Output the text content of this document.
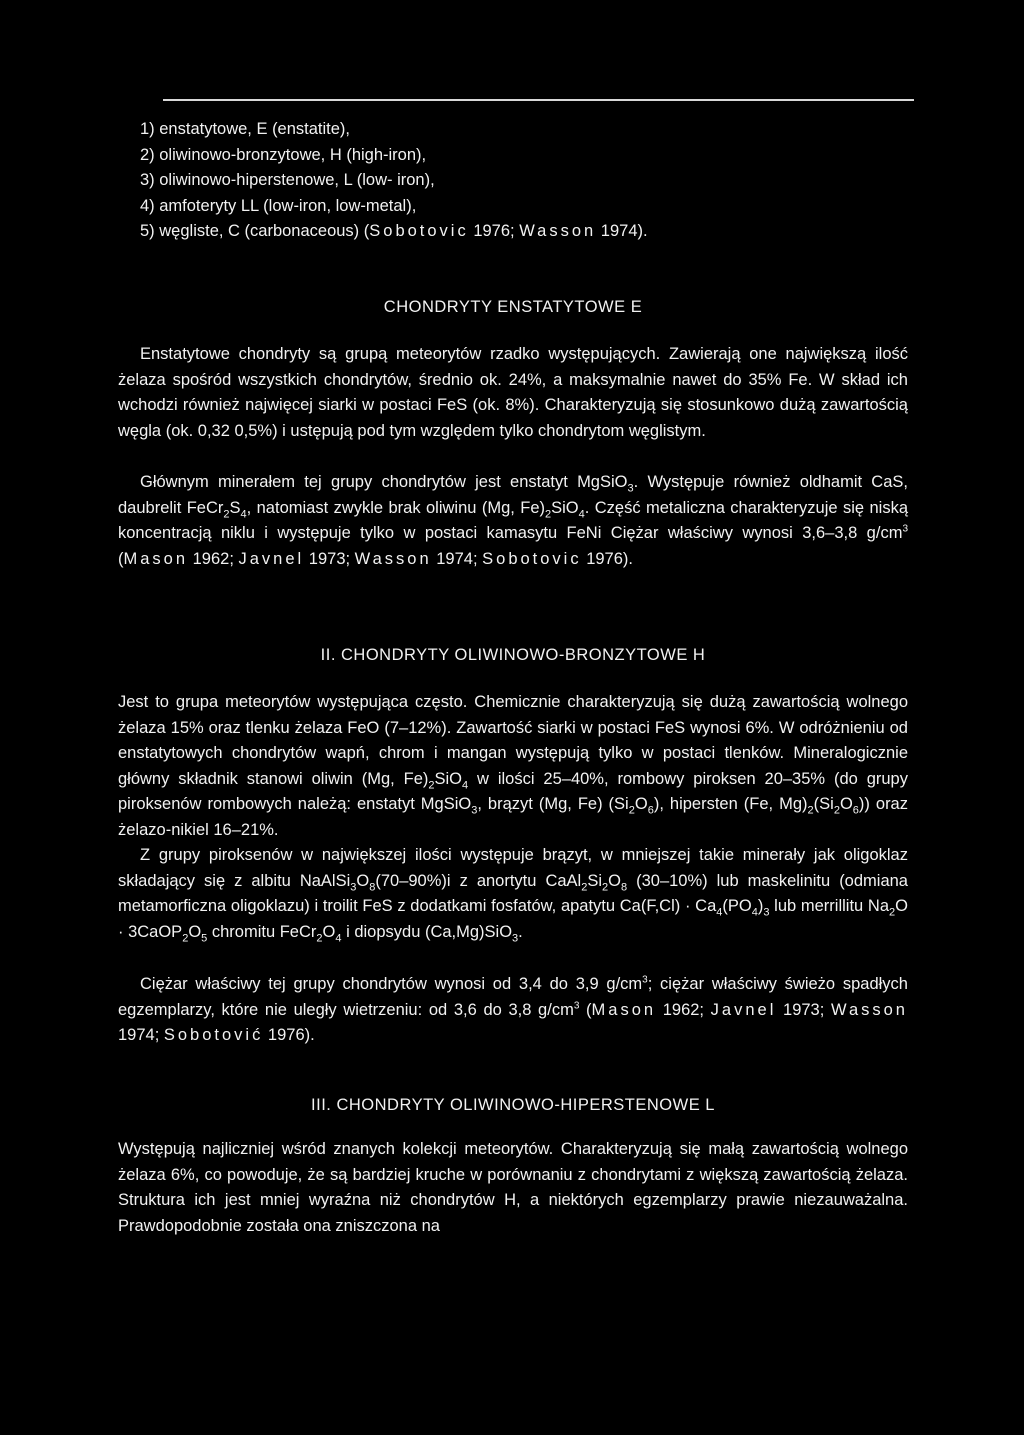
1) enstatytowe, E (enstatite),

2) oliwinowo-bronzytowe, H (high-iron),

3) oliwinowo-hiperstenowe, L (low- iron),

4) amfoteryty LL (low-iron, low-metal),

5) węgliste, C (carbonaceous) (Sobotovic 1976; Wasson 1974).

CHONDRYTY ENSTATYTOWE E

Enstatytowe chondryty są grupą meteorytów rzadko występujących. Zawierają one największą ilość żelaza spośród wszystkich chondrytów, średnio ok. 24%, a maksymalnie nawet do 35% Fe. W skład ich wchodzi również najwięcej siarki w postaci FeS (ok. 8%). Charakteryzują się stosunkowo dużą zawartością węgla (ok. 0,32 0,5%) i ustępują pod tym względem tylko chondrytom węglistym.

Głównym minerałem tej grupy chondrytów jest enstatyt MgSiO$_3$. Występuje również oldhamit CaS, daubrelit $FeCr_2S_4$, natomiast zwykle brak oliwinu (Mg, $Fe)_2SiO_4$. Część metaliczna charakteryzuje się niską koncentracją niklu i występuje tylko w postaci kamasytu FeNi Ciężar właściwy wynosi 3,6–3,8 $g/cm^3$ (Mason 1962; Javnel 1973; Wasson 1974; Sobotovic 1976).

II. CHONDRYTY OLIWINOWO-BRONZYTOWE H

Jest to grupa meteorytów występująca często. Chemicznie charakteryzują się dużą zawartością wolnego żelaza 15% oraz tlenku żelaza FeO (7–12%). Zawartość siarki w postaci FeS wynosi 6%. W odróżnieniu od enstatytowych chondrytów wapń, chrom i mangan występują tylko w postaci tlenków. Mineralogicznie główny składnik stanowi oliwin (Mg, $Fe)_2SiO_4$ w ilości 25–40%, rombowy piroksen 20–35% (do grupy piroksenów rombowych należą: enstatyt MgSiO$_3$, brązyt (Mg, Fe) $(Si_2O_6)$, hipersten (Fe, $Mg)_2(Si_2O_6)$) oraz żelazo-nikiel 16–21%.

Z grupy piroksenów w największej ilości występuje brązyt, w mniejszej takie minerały jak oligoklaz składający się z albitu $NaAlSi_3O_8(70-90\%)i$ z anortytu $CaAl_2Si_2O_8$ (30–10%) lub maskelinitu (odmiana metamorficzna oligoklazu) i troilit FeS z dodatkami fosfatów, apatytu $Ca(F,Cl) \cdot Ca_4(PO_4)_3$ lub merrillitu $Na_2O$ · $3CaOP_2O_5$ chromitu $FeCr_2O_4$ i diopsydu (Ca,Mg)SiO$_3$.

Ciężar właściwy tej grupy chondrytów wynosi od 3,4 do 3,9 $g/cm^3$; ciężar właściwy świeżo spadłych egzemplarzy, które nie uległy wietrzeniu: od 3,6 do 3,8 $g/cm^3$ (Mason 1962; Javnel 1973; Wasson 1974; Sobotović 1976).

III. CHONDRYTY OLIWINOWO-HIPERSTENOWE L

Występują najliczniej wśród znanych kolekcji meteorytów. Charakteryzują się małą zawartością wolnego żelaza 6%, co powoduje, że są bardziej kruche w porównaniu z chondrytami z większą zawartością żelaza. Struktura ich jest mniej wyraźna niż chondrytów H, a niektórych egzemplarzy prawie niezauważalna. Prawdopodobnie została ona zniszczona na
